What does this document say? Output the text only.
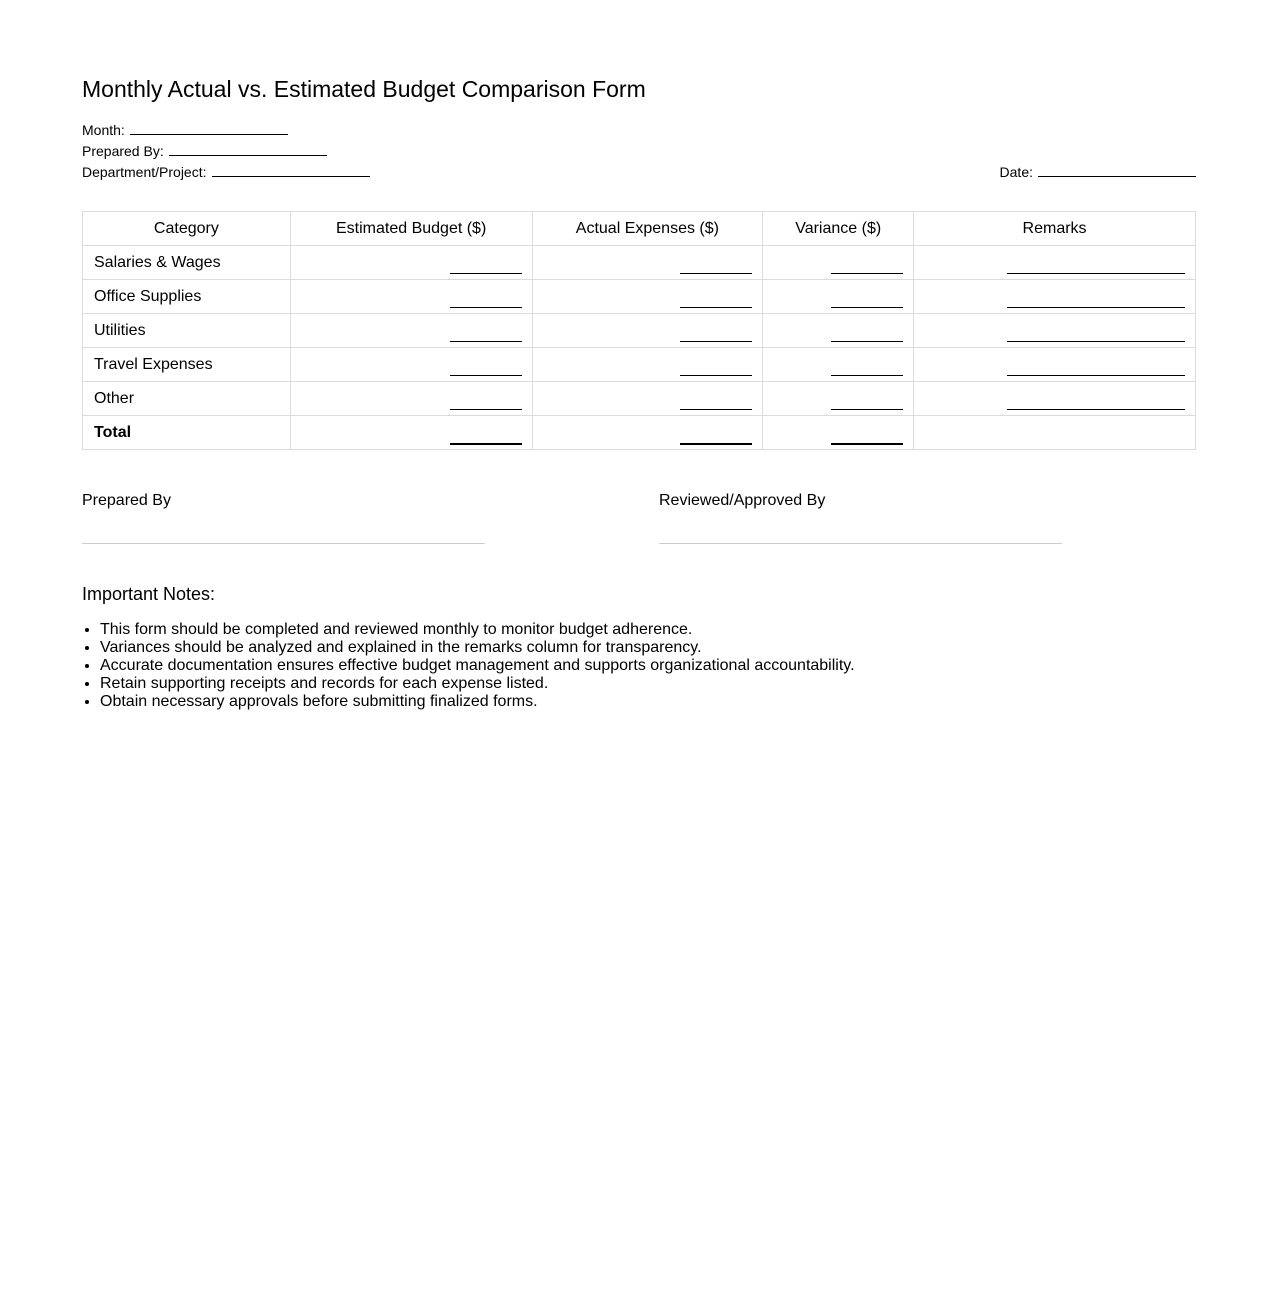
Monthly Actual vs. Estimated Budget Comparison Form
Month:
Prepared By:
Department/Project:	Date:
Category	Estimated Budget ($)	Actual Expenses ($)	Variance ($)	Remarks
Salaries & Wages				
Office Supplies				
Utilities				
Travel Expenses				
Other				
Total				
Prepared By	Reviewed/Approved By
Important Notes:
• This form should be completed and reviewed monthly to monitor budget adherence.
• Variances should be analyzed and explained in the remarks column for transparency.
• Accurate documentation ensures effective budget management and supports organizational accountability.
• Retain supporting receipts and records for each expense listed.
• Obtain necessary approvals before submitting finalized forms.
